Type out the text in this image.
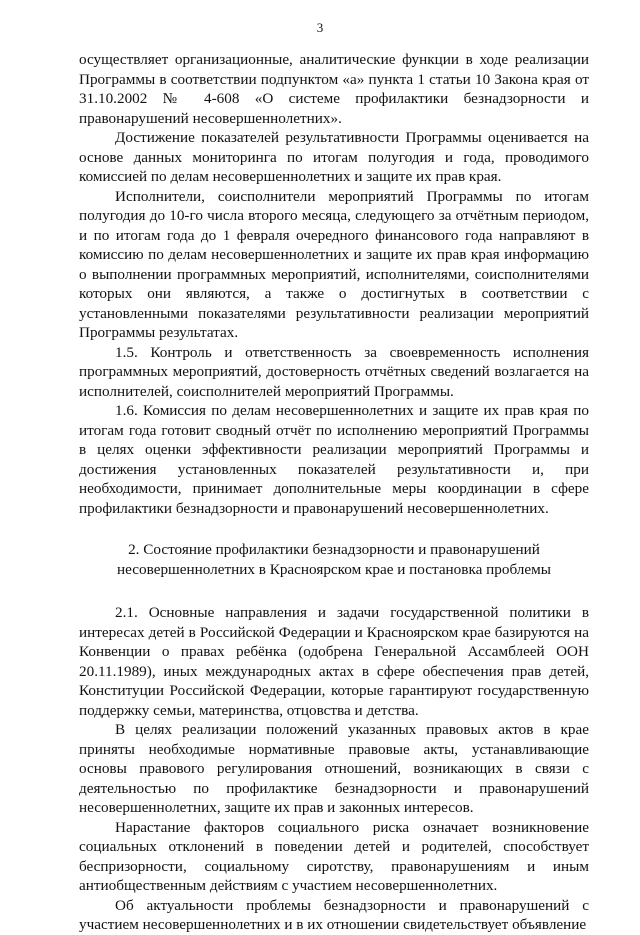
3

осуществляет организационные, аналитические функции в ходе реализации Программы в соответствии подпунктом «а» пункта 1 статьи 10 Закона края от 31.10.2002 № 4-608 «О системе профилактики безнадзорности и правонарушений несовершеннолетних».

Достижение показателей результативности Программы оценивается на основе данных мониторинга по итогам полугодия и года, проводимого комиссией по делам несовершеннолетних и защите их прав края.

Исполнители, соисполнители мероприятий Программы по итогам полугодия до 10-го числа второго месяца, следующего за отчётным периодом, и по итогам года до 1 февраля очередного финансового года направляют в комиссию по делам несовершеннолетних и защите их прав края информацию о выполнении программных мероприятий, исполнителями, соисполнителями которых они являются, а также о достигнутых в соответствии с установленными показателями результативности реализации мероприятий Программы результатах.

1.5. Контроль и ответственность за своевременность исполнения программных мероприятий, достоверность отчётных сведений возлагается на исполнителей, соисполнителей мероприятий Программы.

1.6. Комиссия по делам несовершеннолетних и защите их прав края по итогам года готовит сводный отчёт по исполнению мероприятий Программы в целях оценки эффективности реализации мероприятий Программы и достижения установленных показателей результативности и, при необходимости, принимает дополнительные меры координации в сфере профилактики безнадзорности и правонарушений несовершеннолетних.

2. Состояние профилактики безнадзорности и правонарушений несовершеннолетних в Красноярском крае и постановка проблемы

2.1. Основные направления и задачи государственной политики в интересах детей в Российской Федерации и Красноярском крае базируются на Конвенции о правах ребёнка (одобрена Генеральной Ассамблеей ООН 20.11.1989), иных международных актах в сфере обеспечения прав детей, Конституции Российской Федерации, которые гарантируют государственную поддержку семьи, материнства, отцовства и детства.

В целях реализации положений указанных правовых актов в крае приняты необходимые нормативные правовые акты, устанавливающие основы правового регулирования отношений, возникающих в связи с деятельностью по профилактике безнадзорности и правонарушений несовершеннолетних, защите их прав и законных интересов.

Нарастание факторов социального риска означает возникновение социальных отклонений в поведении детей и родителей, способствует беспризорности, социальному сиротству, правонарушениям и иным антиобщественным действиям с участием несовершеннолетних.

Об актуальности проблемы безнадзорности и правонарушений с участием несовершеннолетних и в их отношении свидетельствует объявление
